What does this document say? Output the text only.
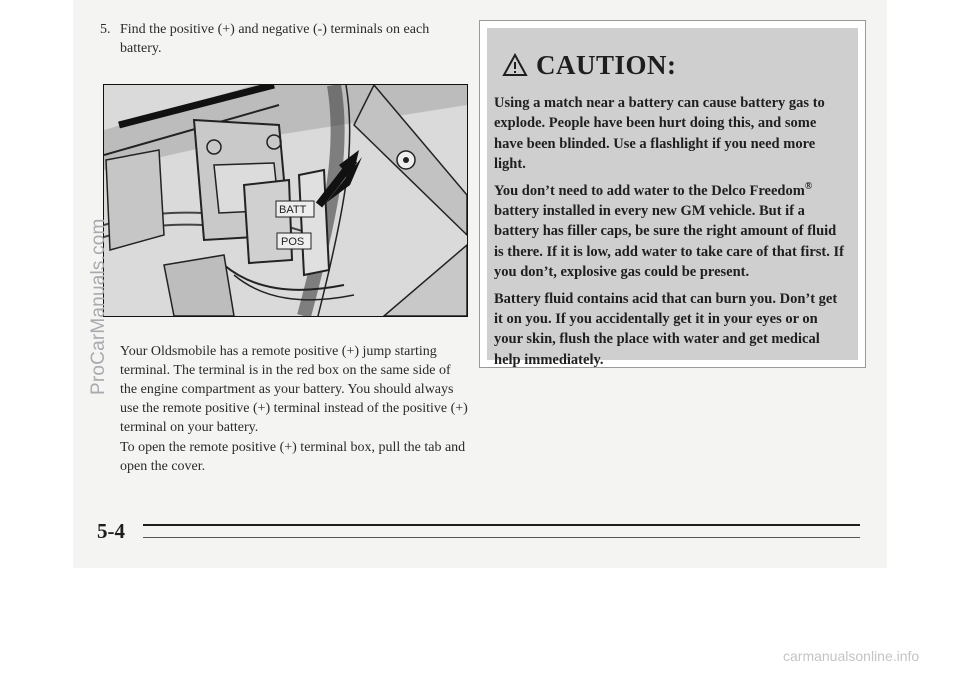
5. Find the positive (+) and negative (-) terminals on each battery.
BATT
POS

Your Oldsmobile has a remote positive (+) jump starting terminal. The terminal is in the red box on the same side of the engine compartment as your battery. You should always use the remote positive (+) terminal instead of the positive (+) terminal on your battery.

To open the remote positive (+) terminal box, pull the tab and open the cover.

ProCarManuals.com
CAUTION:

Using a match near a battery can cause battery gas to explode. People have been hurt doing this, and some have been blinded. Use a flashlight if you need more light.

You don’t need to add water to the Delco Freedom® battery installed in every new GM vehicle. But if a battery has filler caps, be sure the right amount of fluid is there. If it is low, add water to take care of that first. If you don’t, explosive gas could be present.

Battery fluid contains acid that can burn you. Don’t get it on you. If you accidentally get it in your eyes or on your skin, flush the place with water and get medical help immediately.

5-4
carmanualsonline.info
